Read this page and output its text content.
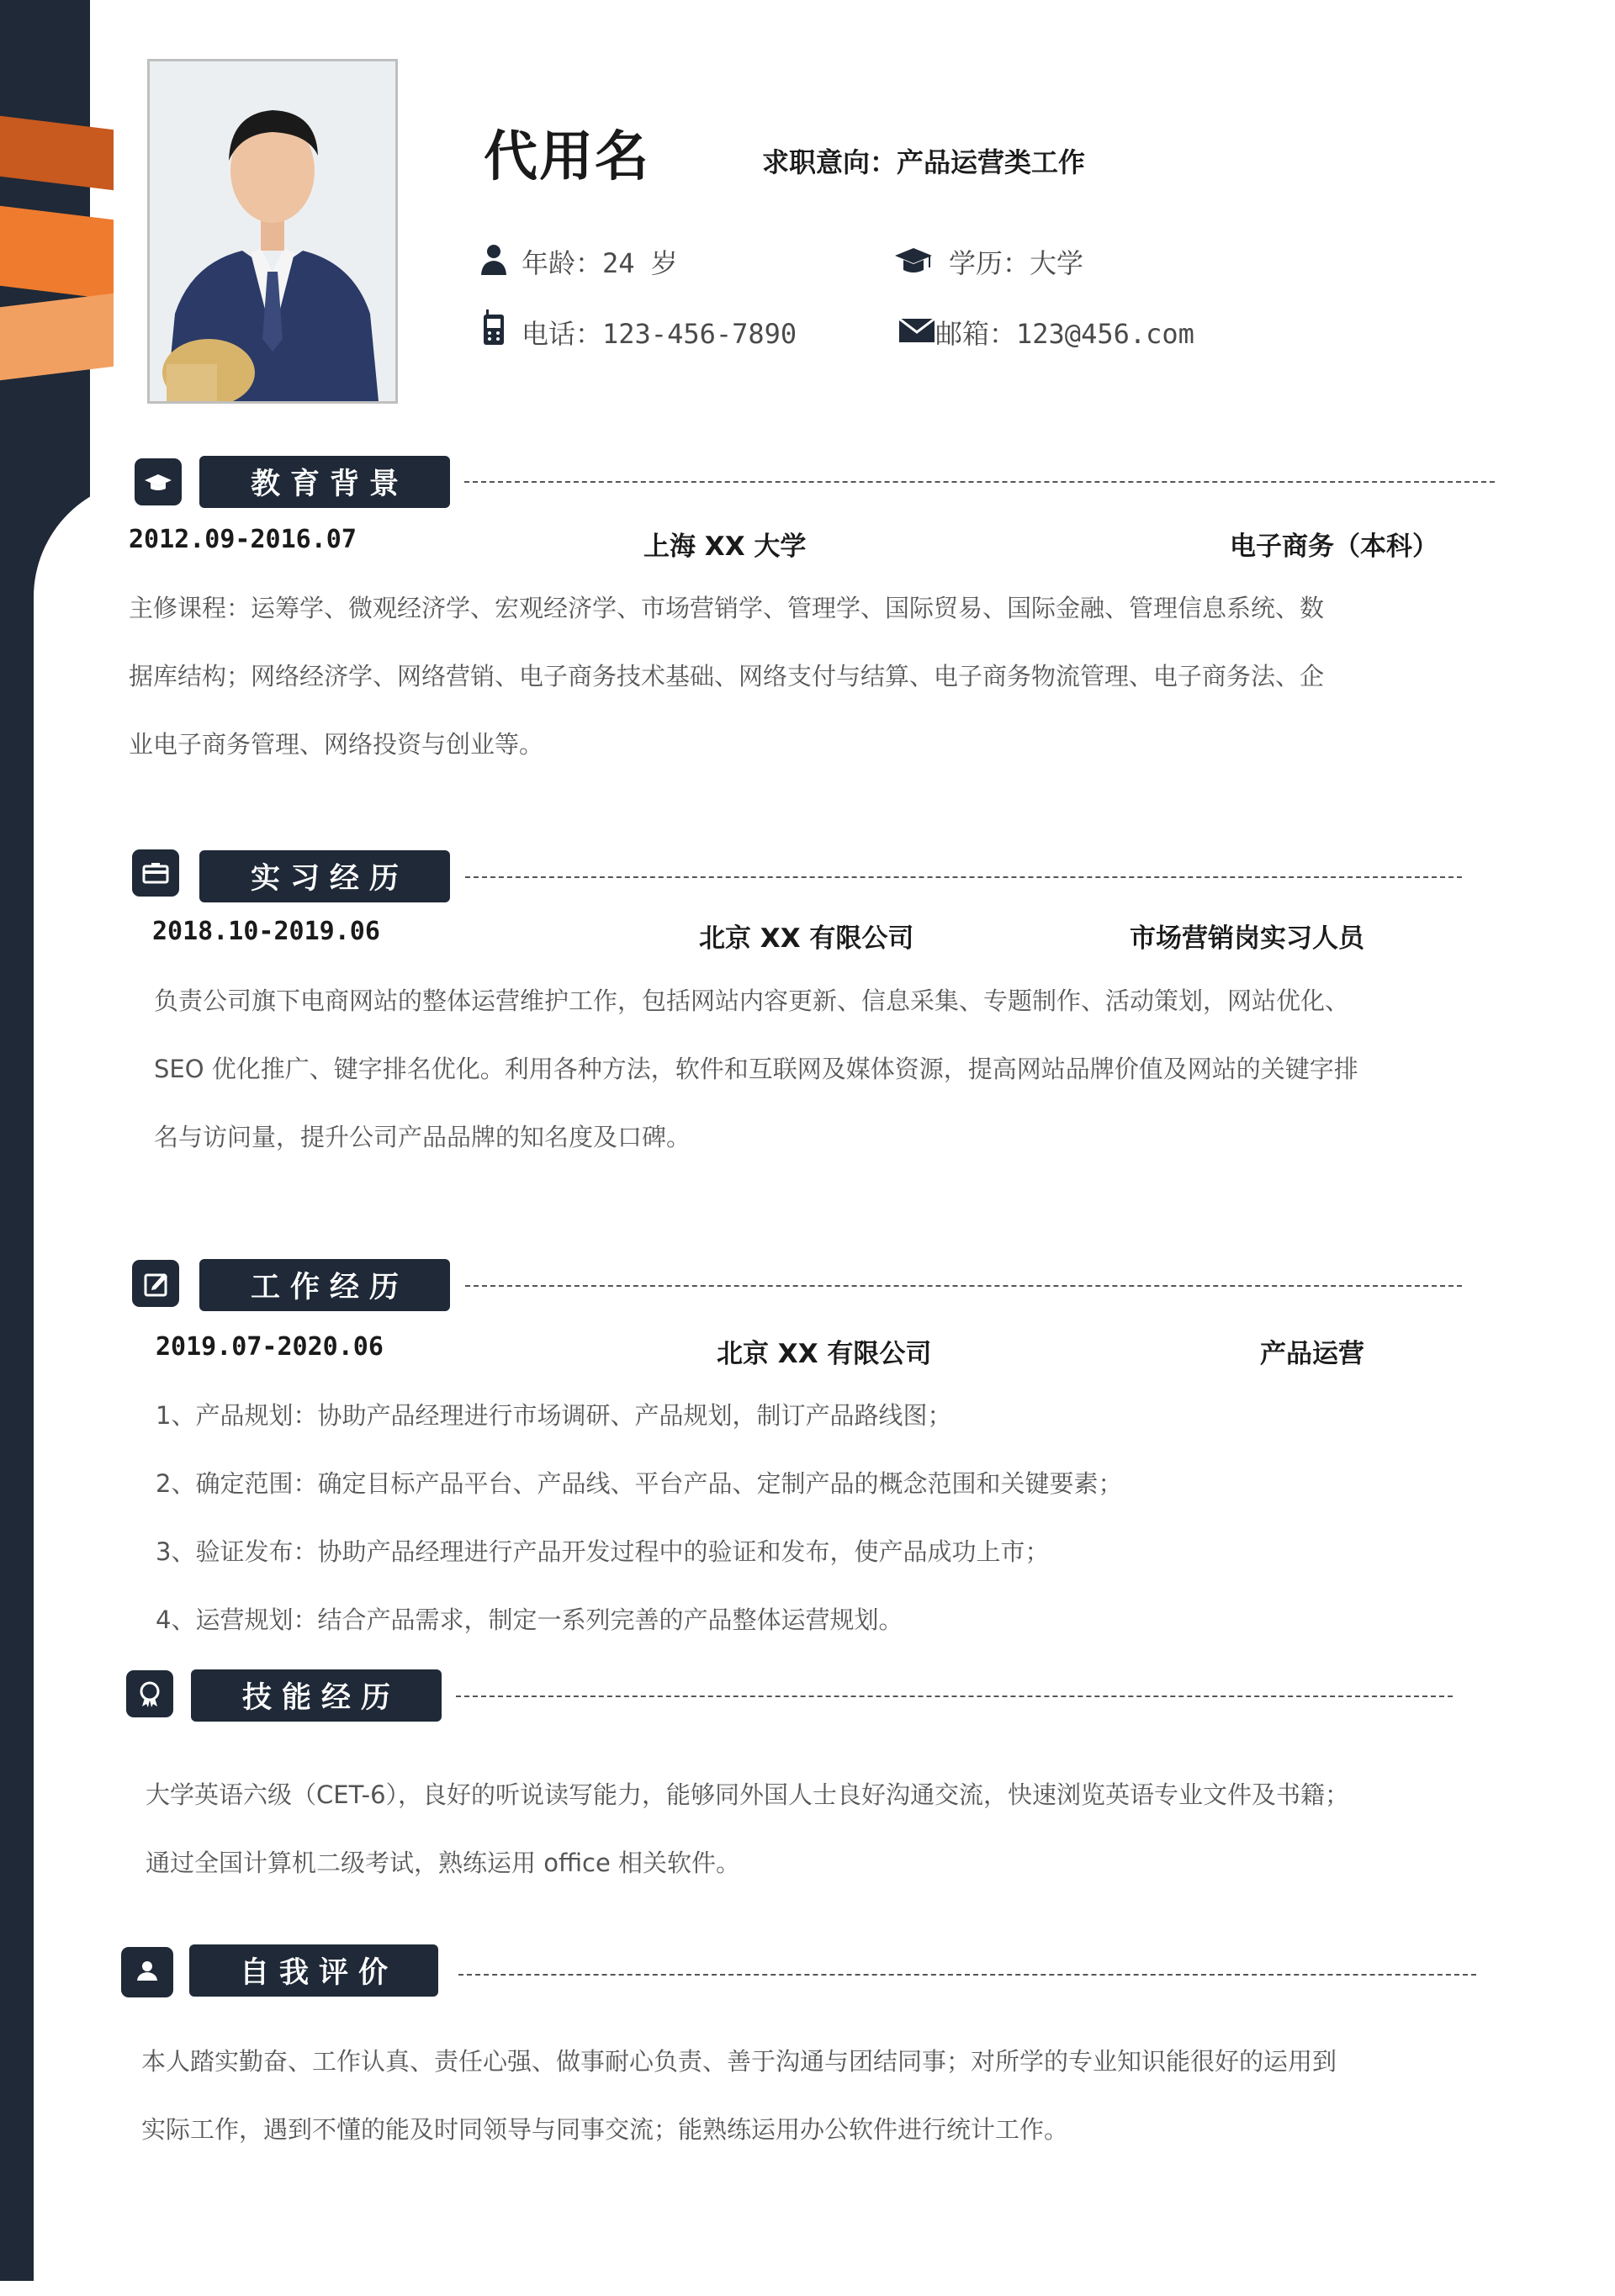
代用名	求职意向：产品运营类工作
年龄：24 岁	学历：大学
电话：123-456-7890	邮箱：123@456.com
教育背景
2012.09-2016.07	上海 XX 大学	电子商务（本科）
主修课程：运筹学、微观经济学、宏观经济学、市场营销学、管理学、国际贸易、国际金融、管理信息系统、数
据库结构；网络经济学、网络营销、电子商务技术基础、网络支付与结算、电子商务物流管理、电子商务法、企
业电子商务管理、网络投资与创业等。
实习经历
2018.10-2019.06	北京 XX 有限公司	市场营销岗实习人员
负责公司旗下电商网站的整体运营维护工作，包括网站内容更新、信息采集、专题制作、活动策划，网站优化、
SEO 优化推广、键字排名优化。利用各种方法，软件和互联网及媒体资源，提高网站品牌价值及网站的关键字排
名与访问量，提升公司产品品牌的知名度及口碑。
工作经历
2019.07-2020.06	北京 XX 有限公司	产品运营
1、产品规划：协助产品经理进行市场调研、产品规划，制订产品路线图；
2、确定范围：确定目标产品平台、产品线、平台产品、定制产品的概念范围和关键要素；
3、验证发布：协助产品经理进行产品开发过程中的验证和发布，使产品成功上市；
4、运营规划：结合产品需求，制定一系列完善的产品整体运营规划。
技能经历
大学英语六级（CET-6），良好的听说读写能力，能够同外国人士良好沟通交流，快速浏览英语专业文件及书籍；
通过全国计算机二级考试，熟练运用 office 相关软件。
自我评价
本人踏实勤奋、工作认真、责任心强、做事耐心负责、善于沟通与团结同事；对所学的专业知识能很好的运用到
实际工作，遇到不懂的能及时同领导与同事交流；能熟练运用办公软件进行统计工作。
